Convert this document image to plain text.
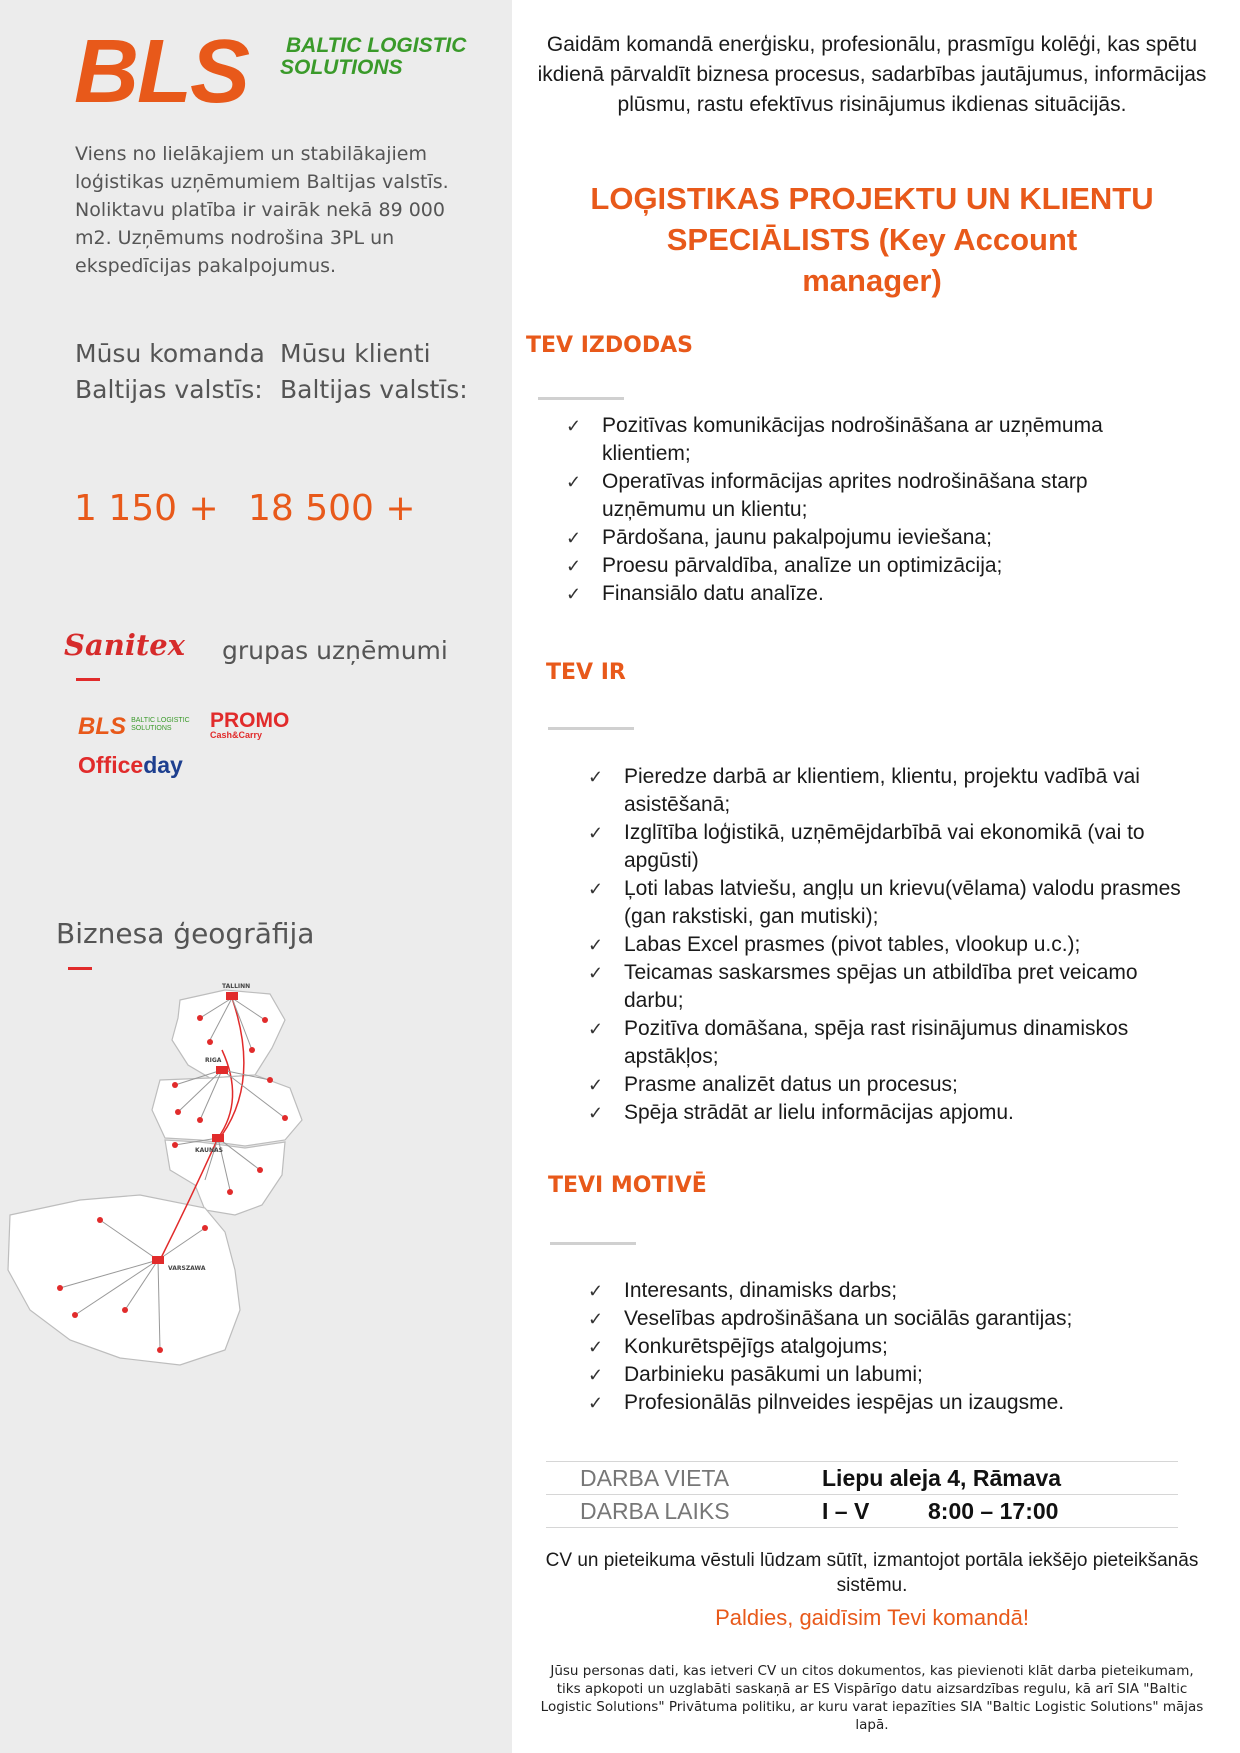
BLS BALTIC LOGISTIC
SOLUTIONS
Viens no lielākajiem un stabilākajiem loģistikas uzņēmumiem Baltijas valstīs. Noliktavu platība ir vairāk nekā 89 000 m2. Uzņēmums nodrošina 3PL un ekspedīcijas pakalpojumus.
Mūsu komanda
Baltijas valstīs:
Mūsu klienti
Baltijas valstīs:
1 150 + 18 500 +
Sanitex grupas uzņēmumi
BLS BALTIC LOGISTIC SOLUTIONS	PROMO
Cash&Carry
Officeday
Biznesa ģeogrāfija
TALLINN
RIGA
KAUNAS
VARSZAWA
Gaidām komandā enerģisku, profesionālu, prasmīgu kolēģi, kas spētu ikdienā pārvaldīt biznesa procesus, sadarbības jautājumus, informācijas plūsmu, rastu efektīvus risinājumus ikdienas situācijās.
LOĢISTIKAS PROJEKTU UN KLIENTU
SPECIĀLISTS (Key Account
manager)
TEV IZDODAS
✓ Pozitīvas komunikācijas nodrošināšana ar uzņēmuma klientiem;
✓ Operatīvas informācijas aprites nodrošināšana starp uzņēmumu un klientu;
✓ Pārdošana, jaunu pakalpojumu ieviešana;
✓ Proesu pārvaldība, analīze un optimizācija;
✓ Finansiālo datu analīze.
TEV IR
✓ Pieredze darbā ar klientiem, klientu, projektu vadībā vai asistēšanā;
✓ Izglītība loģistikā, uzņēmējdarbībā vai ekonomikā (vai to apgūsti)
✓ Ļoti labas latviešu, angļu un krievu(vēlama) valodu prasmes (gan rakstiski, gan mutiski);
✓ Labas Excel prasmes (pivot tables, vlookup u.c.);
✓ Teicamas saskarsmes spējas un atbildība pret veicamo darbu;
✓ Pozitīva domāšana, spēja rast risinājumus dinamiskos apstākļos;
✓ Prasme analizēt datus un procesus;
✓ Spēja strādāt ar lielu informācijas apjomu.
TEVI MOTIVĒ
✓ Interesants, dinamisks darbs;
✓ Veselības apdrošināšana un sociālās garantijas;
✓ Konkurētspējīgs atalgojums;
✓ Darbinieku pasākumi un labumi;
✓ Profesionālās pilnveides iespējas un izaugsme.
DARBA VIETA	Liepu aleja 4, Rāmava
DARBA LAIKS	I – V	8:00 – 17:00
CV un pieteikuma vēstuli lūdzam sūtīt, izmantojot portāla iekšējo pieteikšanās sistēmu.
Paldies, gaidīsim Tevi komandā!
Jūsu personas dati, kas ietveri CV un citos dokumentos, kas pievienoti klāt darba pieteikumam, tiks apkopoti un uzglabāti saskaņā ar ES Vispārīgo datu aizsardzības regulu, kā arī SIA "Baltic Logistic Solutions" Privātuma politiku, ar kuru varat iepazīties SIA "Baltic Logistic Solutions" mājas lapā.
